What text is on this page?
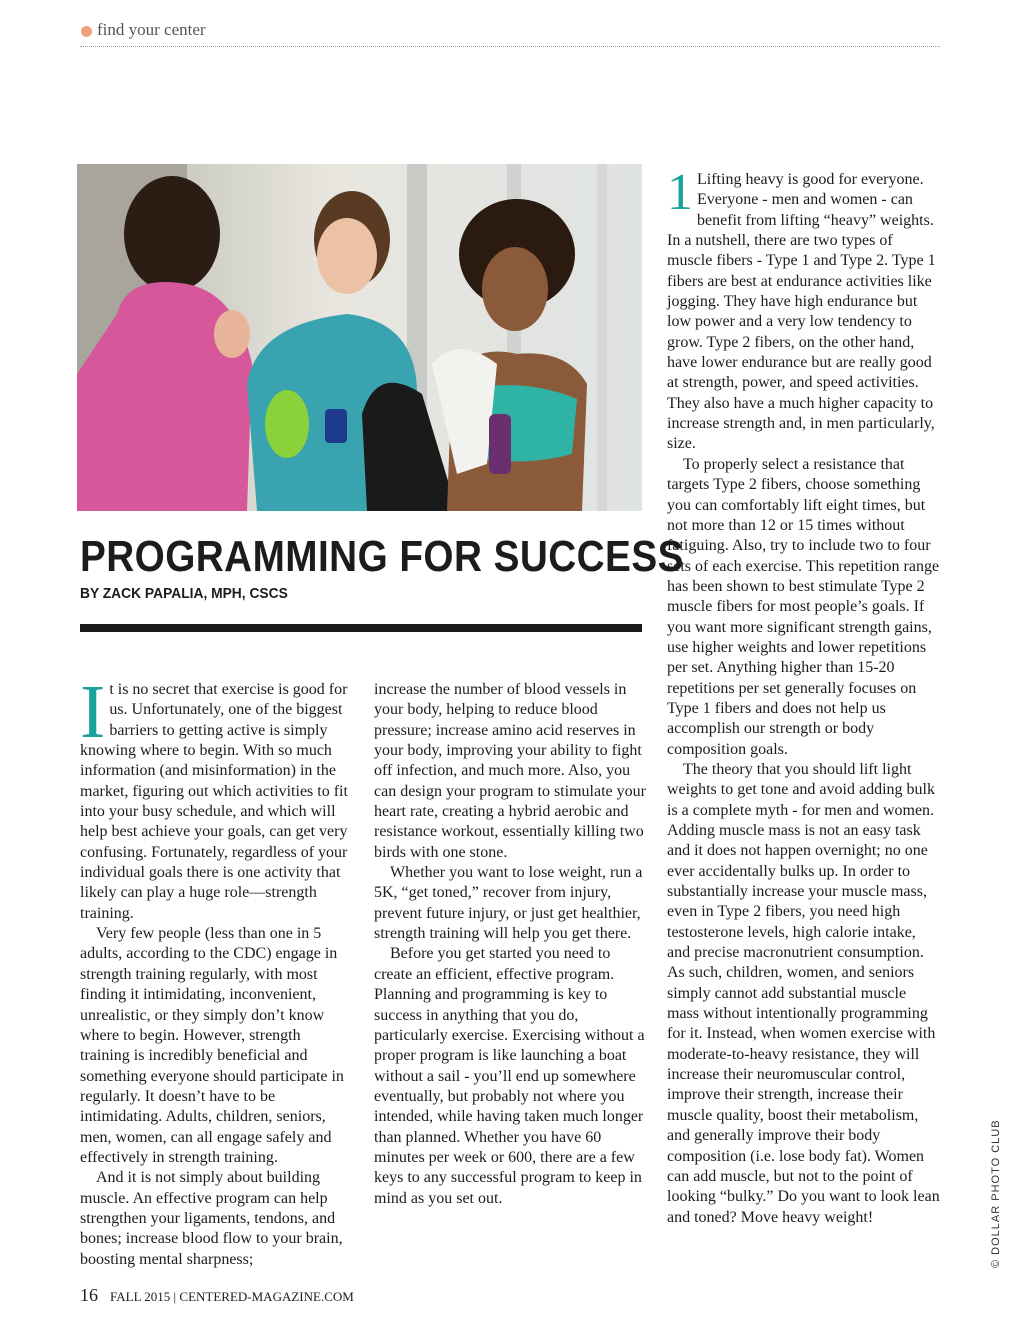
find your center
PROGRAMMING FOR SUCCESS
BY ZACK PAPALIA, MPH, CSCS

It is no secret that exercise is good for us. Unfortunately, one of the biggest barriers to getting active is simply knowing where to begin. With so much information (and misinformation) in the market, figuring out which activities to fit into your busy schedule, and which will help best achieve your goals, can get very confusing. Fortunately, regardless of your individual goals there is one activity that likely can play a huge role—strength training.

Very few people (less than one in 5 adults, according to the CDC) engage in strength training regularly, with most finding it intimidating, inconvenient, unrealistic, or they simply don’t know where to begin. However, strength training is incredibly beneficial and something everyone should participate in regularly. It doesn’t have to be intimidating. Adults, children, seniors, men, women, can all engage safely and effectively in strength training.

And it is not simply about building muscle. An effective program can help strengthen your ligaments, tendons, and bones; increase blood flow to your brain, boosting mental sharpness;

increase the number of blood vessels in your body, helping to reduce blood pressure; increase amino acid reserves in your body, improving your ability to fight off infection, and much more. Also, you can design your program to stimulate your heart rate, creating a hybrid aerobic and resistance workout, essentially killing two birds with one stone.

Whether you want to lose weight, run a 5K, “get toned,” recover from injury, prevent future injury, or just get healthier, strength training will help you get there.

Before you get started you need to create an efficient, effective program. Planning and programming is key to success in anything that you do, particularly exercise. Exercising without a proper program is like launching a boat without a sail - you’ll end up somewhere eventually, but probably not where you intended, while having taken much longer than planned. Whether you have 60 minutes per week or 600, there are a few keys to any successful program to keep in mind as you set out.

1 Lifting heavy is good for everyone. Everyone - men and women - can benefit from lifting “heavy” weights. In a nutshell, there are two types of muscle fibers - Type 1 and Type 2. Type 1 fibers are best at endurance activities like jogging. They have high endurance but low power and a very low tendency to grow. Type 2 fibers, on the other hand, have lower endurance but are really good at strength, power, and speed activities. They also have a much higher capacity to increase strength and, in men particularly, size.

To properly select a resistance that targets Type 2 fibers, choose something you can comfortably lift eight times, but not more than 12 or 15 times without fatiguing. Also, try to include two to four sets of each exercise. This repetition range has been shown to best stimulate Type 2 muscle fibers for most people’s goals. If you want more significant strength gains, use higher weights and lower repetitions per set. Anything higher than 15-20 repetitions per set generally focuses on Type 1 fibers and does not help us accomplish our strength or body composition goals.

The theory that you should lift light weights to get tone and avoid adding bulk is a complete myth - for men and women. Adding muscle mass is not an easy task and it does not happen overnight; no one ever accidentally bulks up. In order to substantially increase your muscle mass, even in Type 2 fibers, you need high testosterone levels, high calorie intake, and precise macronutrient consumption. As such, children, women, and seniors simply cannot add substantial muscle mass without intentionally programming for it. Instead, when women exercise with moderate-to-heavy resistance, they will increase their neuromuscular control, improve their strength, increase their muscle quality, boost their metabolism, and generally improve their body composition (i.e. lose body fat). Women can add muscle, but not to the point of looking “bulky.” Do you want to look lean and toned? Move heavy weight!

16 FALL 2015 | CENTERED-MAGAZINE.COM
© DOLLAR PHOTO CLUB
